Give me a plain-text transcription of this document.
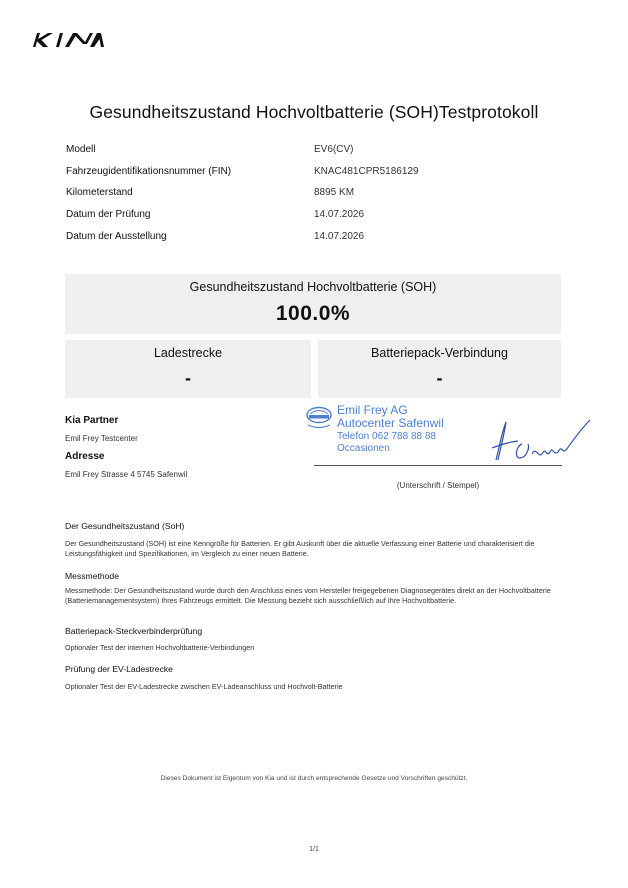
Gesundheitszustand Hochvoltbatterie (SOH)Testprotokoll
Modell	EV6(CV)
Fahrzeugidentifikationsnummer (FIN)	KNAC481CPR5186129
Kilometerstand	8895 KM
Datum der Prüfung	14.07.2026
Datum der Ausstellung	14.07.2026
Gesundheitszustand Hochvoltbatterie (SOH)
100.0%
Ladestrecke
-
Batteriepack-Verbindung
-
Kia Partner
Emil Frey Testcenter
Adresse
Emil Frey Strasse 4 5745 Safenwil
Emil Frey AG
Autocenter Safenwil
Telefon 062 788 88 88
Occasionen
(Unterschrift / Stempel)
Der Gesundheitszustand (SoH)
Der Gesundheitszustand (SOH) ist eine Kenngröße für Batterien. Er gibt Auskunft über die aktuelle Verfassung einer Batterie und charakterisiert die Leistungsfähigkeit und Spezifikationen, im Vergleich zu einer neuen Batterie.
Messmethode
Messmethode: Der Gesundheitszustand wurde durch den Anschluss eines vom Hersteller freigegebenen Diagnosegerätes direkt an der Hochvoltbatterie (Batteriemanagementsystem) Ihres Fahrzeugs ermittelt. Die Messung bezieht sich ausschließlich auf Ihre Hochvoltbatterie.
Batteriepack-Steckverbinderprüfung
Optionaler Test der internen Hochvoltbatterie-Verbindungen
Prüfung der EV-Ladestrecke
Optionaler Test der EV-Ladestrecke zwischen EV-Ladeanschluss und Hochvolt-Batterie
Dieses Dokument ist Eigentum von Kia und ist durch entsprechende Gesetze und Vorschriften geschützt.
1/1
